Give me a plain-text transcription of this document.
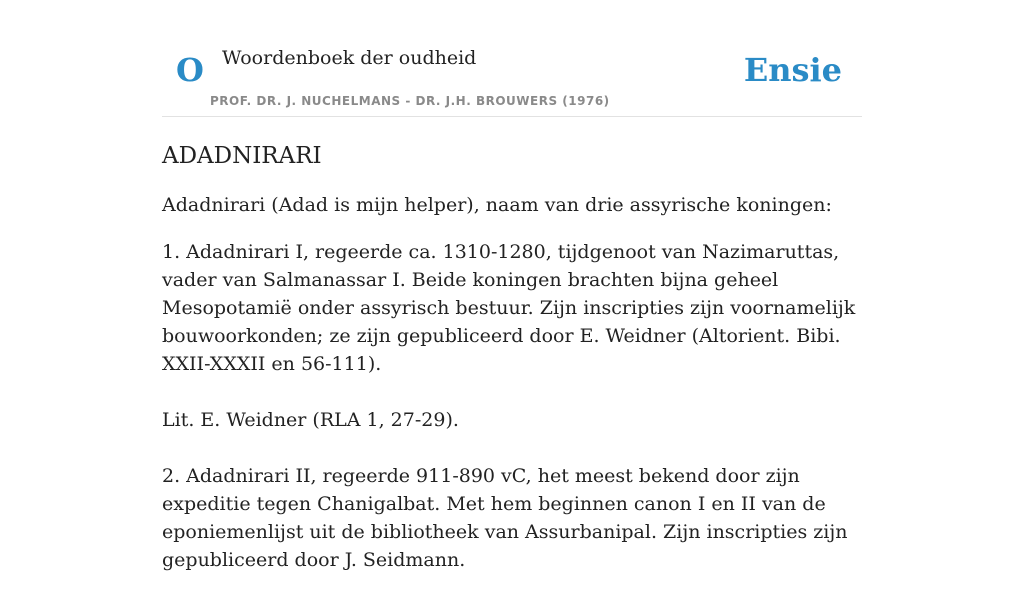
O Woordenboek der oudheid
PROF. DR. J. NUCHELMANS - DR. J.H. BROUWERS (1976)
Ensie
ADADNIRARI

Adadnirari (Adad is mijn helper), naam van drie assyrische koningen:

1. Adadnirari I, regeerde ca. 1310-1280, tijdgenoot van Nazimaruttas, vader van Salmanassar I. Beide koningen brachten bijna geheel Mesopotamië onder assyrisch bestuur. Zijn inscripties zijn voornamelijk bouwoorkonden; ze zijn gepubliceerd door E. Weidner (Altorient. Bibi. XXII-XXXII en 56-111).

Lit. E. Weidner (RLA 1, 27-29).

2. Adadnirari II, regeerde 911-890 vC, het meest bekend door zijn expeditie tegen Chanigalbat. Met hem beginnen canon I en II van de eponiemenlijst uit de bibliotheek van Assurbanipal. Zijn inscripties zijn gepubliceerd door J. Seidmann.
